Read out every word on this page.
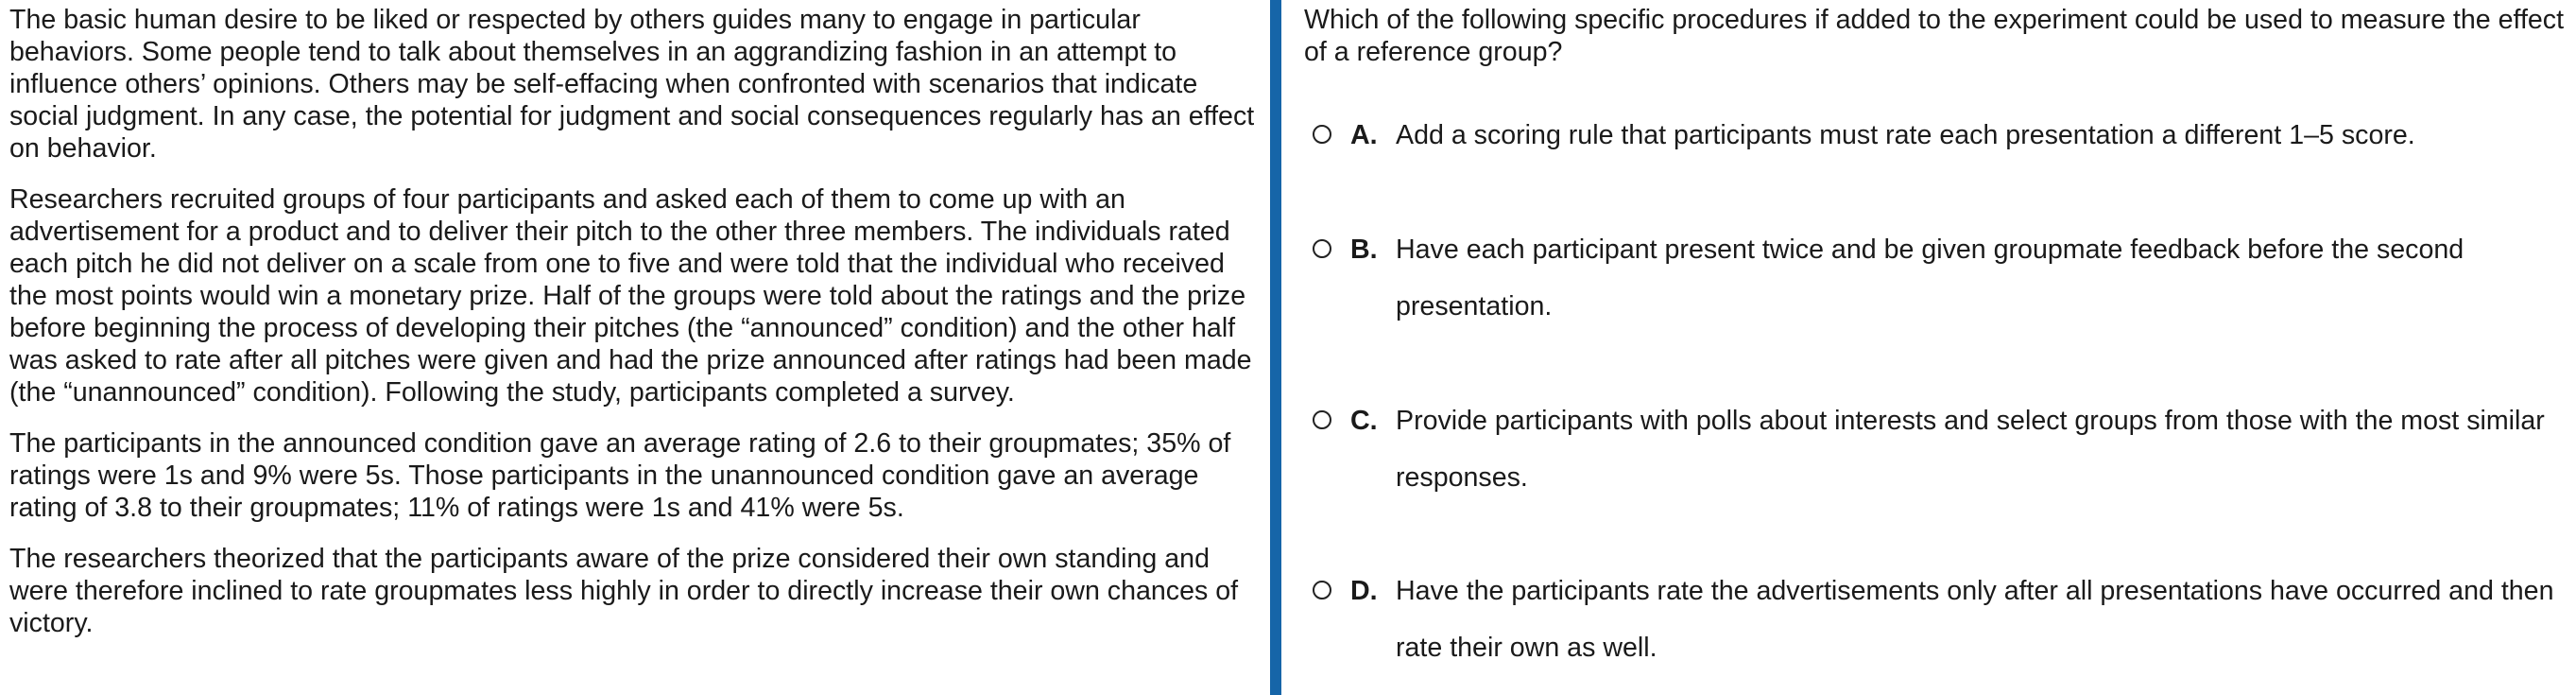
The basic human desire to be liked or respected by others guides many to engage in particular behaviors. Some people tend to talk about themselves in an aggrandizing fashion in an attempt to influence others’ opinions. Others may be self-effacing when confronted with scenarios that indicate social judgment. In any case, the potential for judgment and social consequences regularly has an effect on behavior.

Researchers recruited groups of four participants and asked each of them to come up with an advertisement for a product and to deliver their pitch to the other three members. The individuals rated each pitch he did not deliver on a scale from one to five and were told that the individual who received the most points would win a monetary prize. Half of the groups were told about the ratings and the prize before beginning the process of developing their pitches (the “announced” condition) and the other half was asked to rate after all pitches were given and had the prize announced after ratings had been made (the “unannounced” condition). Following the study, participants completed a survey.

The participants in the announced condition gave an average rating of 2.6 to their groupmates; 35% of ratings were 1s and 9% were 5s. Those participants in the unannounced condition gave an average rating of 3.8 to their groupmates; 11% of ratings were 1s and 41% were 5s.

The researchers theorized that the participants aware of the prize considered their own standing and were therefore inclined to rate groupmates less highly in order to directly increase their own chances of victory.

Which of the following specific procedures if added to the experiment could be used to measure the effect of a reference group?

A. Add a scoring rule that participants must rate each presentation a different 1–5 score.
B. Have each participant present twice and be given groupmate feedback before the second presentation.
C. Provide participants with polls about interests and select groups from those with the most similar responses.
D. Have the participants rate the advertisements only after all presentations have occurred and then rate their own as well.
